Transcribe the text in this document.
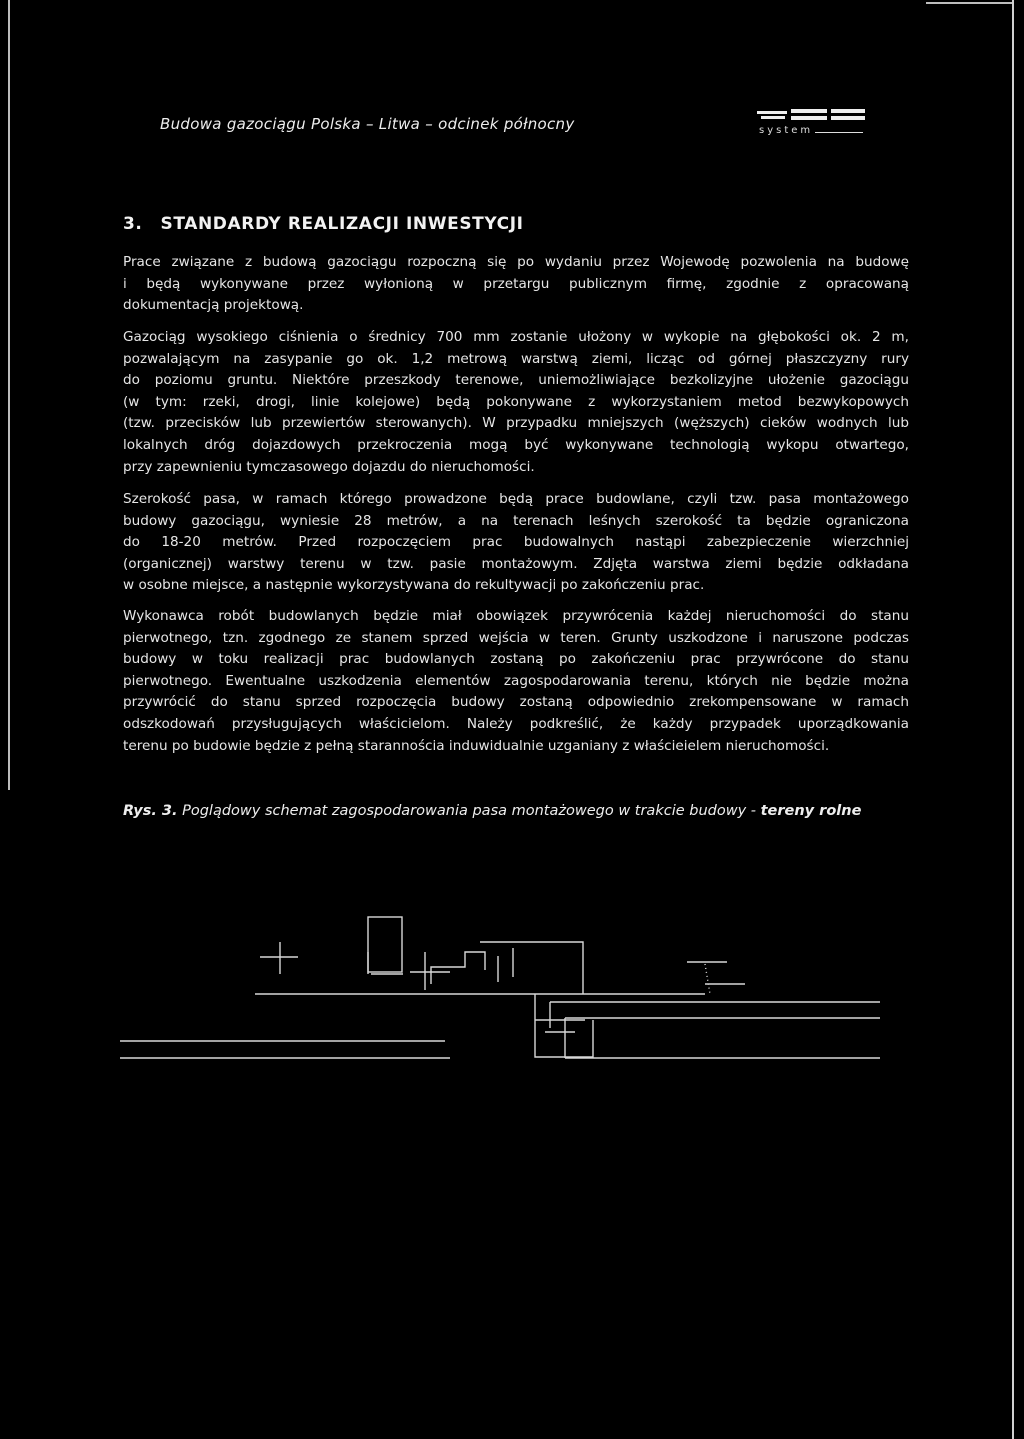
Budowa gazociągu Polska – Litwa – odcinek północny	system
3. STANDARDY REALIZACJI INWESTYCJI

Prace związane z budową gazociągu rozpoczną się po wydaniu przez Wojewodę pozwolenia na budowę
i będą wykonywane przez wyłonioną w przetargu publicznym firmę, zgodnie z opracowaną
dokumentacją projektową.

Gazociąg wysokiego ciśnienia o średnicy 700 mm zostanie ułożony w wykopie na głębokości ok. 2 m,
pozwalającym na zasypanie go ok. 1,2 metrową warstwą ziemi, licząc od górnej płaszczyzny rury
do poziomu gruntu. Niektóre przeszkody terenowe, uniemożliwiające bezkolizyjne ułożenie gazociągu
(w tym: rzeki, drogi, linie kolejowe) będą pokonywane z wykorzystaniem metod bezwykopowych
(tzw. przecisków lub przewiertów sterowanych). W przypadku mniejszych (węższych) cieków wodnych lub
lokalnych dróg dojazdowych przekroczenia mogą być wykonywane technologią wykopu otwartego,
przy zapewnieniu tymczasowego dojazdu do nieruchomości.

Szerokość pasa, w ramach którego prowadzone będą prace budowlane, czyli tzw. pasa montażowego
budowy gazociągu, wyniesie 28 metrów, a na terenach leśnych szerokość ta będzie ograniczona
do 18-20 metrów. Przed rozpoczęciem prac budowalnych nastąpi zabezpieczenie wierzchniej
(organicznej) warstwy terenu w tzw. pasie montażowym. Zdjęta warstwa ziemi będzie odkładana
w osobne miejsce, a następnie wykorzystywana do rekultywacji po zakończeniu prac.

Wykonawca robót budowlanych będzie miał obowiązek przywrócenia każdej nieruchomości do stanu
pierwotnego, tzn. zgodnego ze stanem sprzed wejścia w teren. Grunty uszkodzone i naruszone podczas
budowy w toku realizacji prac budowlanych zostaną po zakończeniu prac przywrócone do stanu
pierwotnego. Ewentualne uszkodzenia elementów zagospodarowania terenu, których nie będzie można
przywrócić do stanu sprzed rozpoczęcia budowy zostaną odpowiednio zrekompensowane w ramach
odszkodowań przysługujących właścicielom. Należy podkreślić, że każdy przypadek uporządkowania
terenu po budowie będzie z pełną starannościa induwidualnie uzganiany z właścieielem nieruchomości.

Rys. 3. Poglądowy schemat zagospodarowania pasa montażowego w trakcie budowy - tereny rolne
